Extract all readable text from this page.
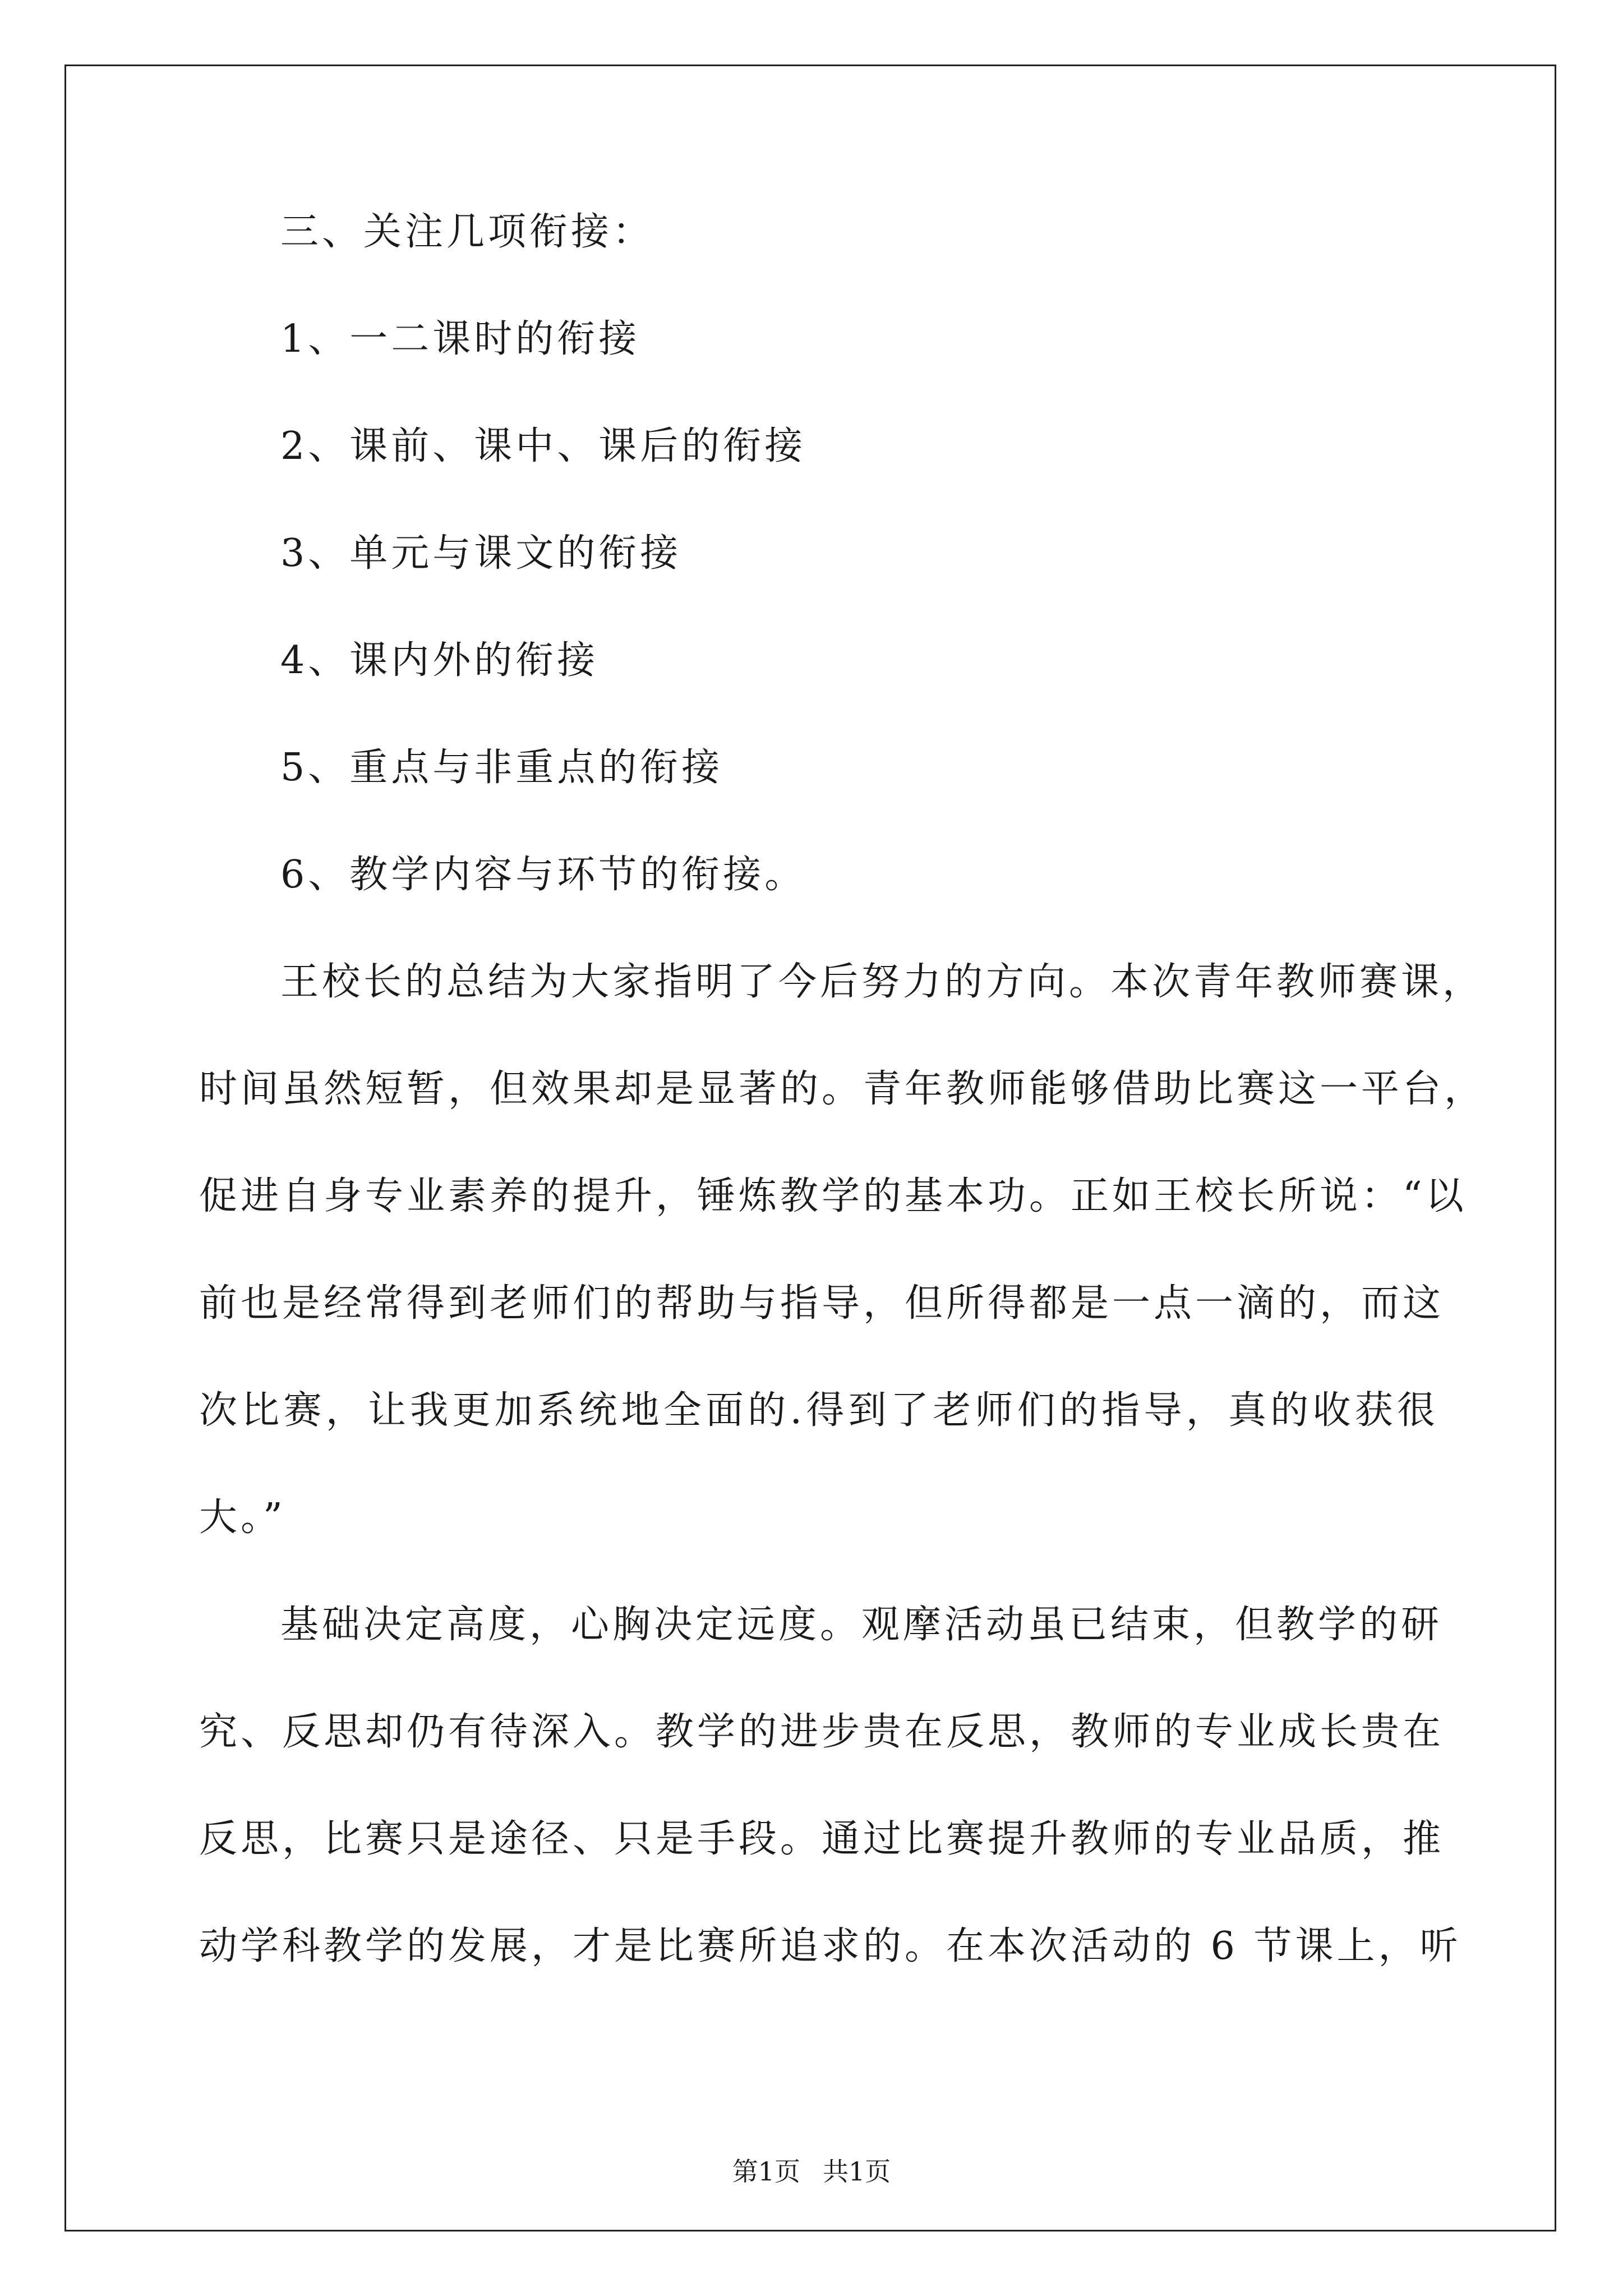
三、关注几项衔接：
1、一二课时的衔接
2、课前、课中、课后的衔接
3、单元与课文的衔接
4、课内外的衔接
5、重点与非重点的衔接
6、教学内容与环节的衔接。
王校长的总结为大家指明了今后努力的方向。本次青年教师赛课，
时间虽然短暂，但效果却是显著的。青年教师能够借助比赛这一平台，
促进自身专业素养的提升，锤炼教学的基本功。正如王校长所说：“以
前也是经常得到老师们的帮助与指导，但所得都是一点一滴的，而这
次比赛，让我更加系统地全面的.得到了老师们的指导，真的收获很
大。”
基础决定高度，心胸决定远度。观摩活动虽已结束，但教学的研
究、反思却仍有待深入。教学的进步贵在反思，教师的专业成长贵在
反思，比赛只是途径、只是手段。通过比赛提升教师的专业品质，推
动学科教学的发展，才是比赛所追求的。在本次活动的 6 节课上，听
第1页 共1页
